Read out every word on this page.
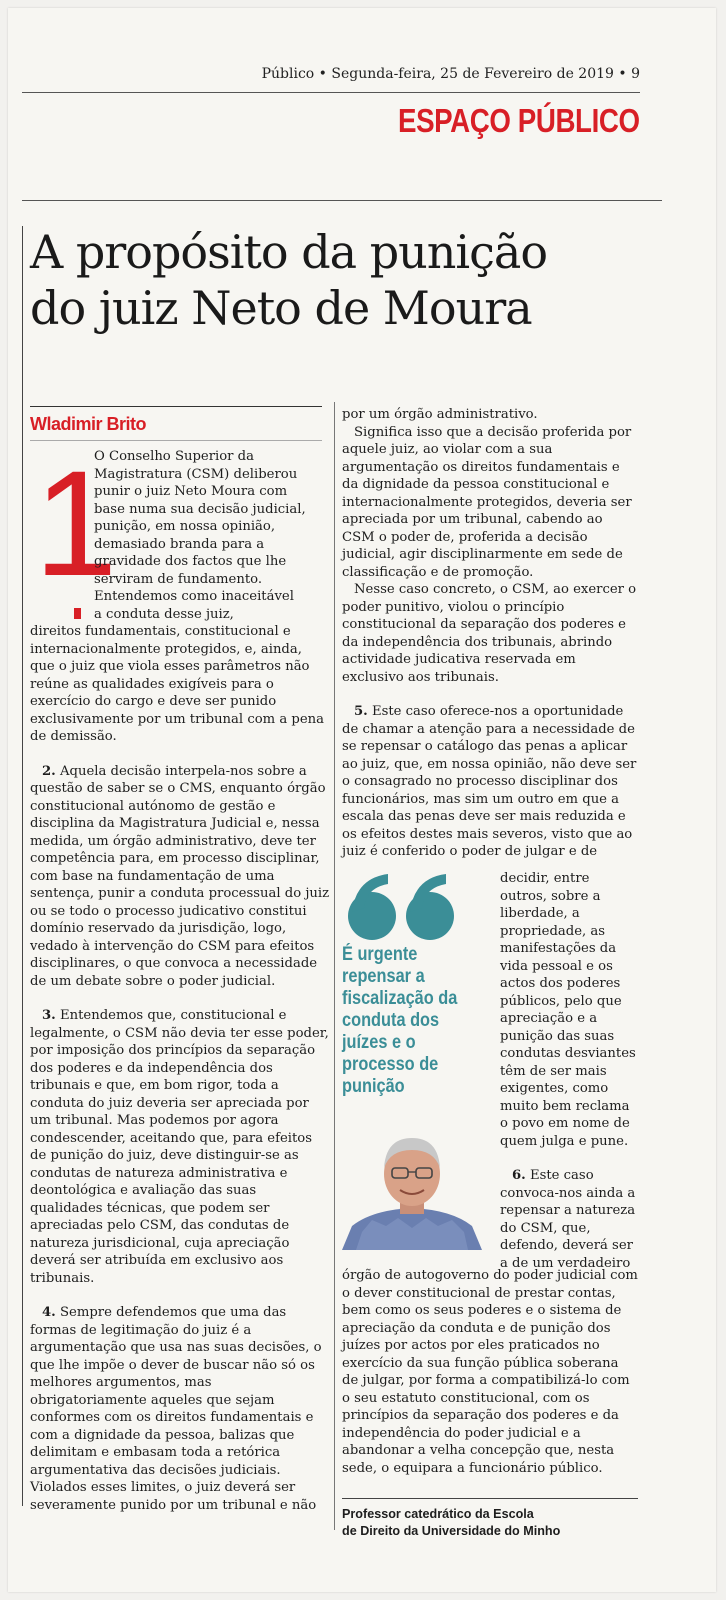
Público • Segunda-feira, 25 de Fevereiro de 2019 • 9
ESPAÇO PÚBLICO
A propósito da punição
do juiz Neto de Moura
Wladimir Brito
1
O Conselho Superior da
Magistratura (CSM) deliberou
punir o juiz Neto Moura com
base numa sua decisão judicial,
punição, em nossa opinião,
demasiado branda para a
gravidade dos factos que lhe
serviram de fundamento.
Entendemos como inaceitável
a conduta desse juiz,

direitos fundamentais, constitucional e internacionalmente protegidos, e, ainda, que o juiz que viola esses parâmetros não reúne as qualidades exigíveis para o exercício do cargo e deve ser punido exclusivamente por um tribunal com a pena de demissão.

2. Aquela decisão interpela-nos sobre a questão de saber se o CMS, enquanto órgão constitucional autónomo de gestão e disciplina da Magistratura Judicial e, nessa medida, um órgão administrativo, deve ter competência para, em processo disciplinar, com base na fundamentação de uma sentença, punir a conduta processual do juiz ou se todo o processo judicativo constitui domínio reservado da jurisdição, logo, vedado à intervenção do CSM para efeitos disciplinares, o que convoca a necessidade de um debate sobre o poder judicial.

3. Entendemos que, constitucional e legalmente, o CSM não devia ter esse poder, por imposição dos princípios da separação dos poderes e da independência dos tribunais e que, em bom rigor, toda a conduta do juiz deveria ser apreciada por um tribunal. Mas podemos por agora condescender, aceitando que, para efeitos de punição do juiz, deve distinguir-se as condutas de natureza administrativa e deontológica e avaliação das suas qualidades técnicas, que podem ser apreciadas pelo CSM, das condutas de natureza jurisdicional, cuja apreciação deverá ser atribuída em exclusivo aos tribunais.

4. Sempre defendemos que uma das formas de legitimação do juiz é a argumentação que usa nas suas decisões, o que lhe impõe o dever de buscar não só os melhores argumentos, mas obrigatoriamente aqueles que sejam conformes com os direitos fundamentais e com a dignidade da pessoa, balizas que delimitam e embasam toda a retórica argumentativa das decisões judiciais. Violados esses limites, o juiz deverá ser severamente punido por um tribunal e não

por um órgão administrativo.

Significa isso que a decisão proferida por aquele juiz, ao violar com a sua argumentação os direitos fundamentais e da dignidade da pessoa constitucional e internacionalmente protegidos, deveria ser apreciada por um tribunal, cabendo ao CSM o poder de, proferida a decisão judicial, agir disciplinarmente em sede de classificação e de promoção.

Nesse caso concreto, o CSM, ao exercer o poder punitivo, violou o princípio constitucional da separação dos poderes e da independência dos tribunais, abrindo actividade judicativa reservada em exclusivo aos tribunais.

5. Este caso oferece-nos a oportunidade de chamar a atenção para a necessidade de se repensar o catálogo das penas a aplicar ao juiz, que, em nossa opinião, não deve ser o consagrado no processo disciplinar dos funcionários, mas sim um outro em que a escala das penas deve ser mais reduzida e os efeitos destes mais severos, visto que ao juiz é conferido o poder de julgar e de

É urgente repensar a fiscalização da conduta dos juízes e o processo de punição

decidir, entre outros, sobre a liberdade, a propriedade, as manifestações da vida pessoal e os actos dos poderes públicos, pelo que apreciação e a punição das suas condutas desviantes têm de ser mais exigentes, como muito bem reclama o povo em nome de quem julga e pune.

6. Este caso convoca-nos ainda a repensar a natureza do CSM, que, defendo, deverá ser a de um verdadeiro

órgão de autogoverno do poder judicial com o dever constitucional de prestar contas, bem como os seus poderes e o sistema de apreciação da conduta e de punição dos juízes por actos por eles praticados no exercício da sua função pública soberana de julgar, por forma a compatibilizá-lo com o seu estatuto constitucional, com os princípios da separação dos poderes e da independência do poder judicial e a abandonar a velha concepção que, nesta sede, o equipara a funcionário público.

Professor catedrático da Escola
de Direito da Universidade do Minho
